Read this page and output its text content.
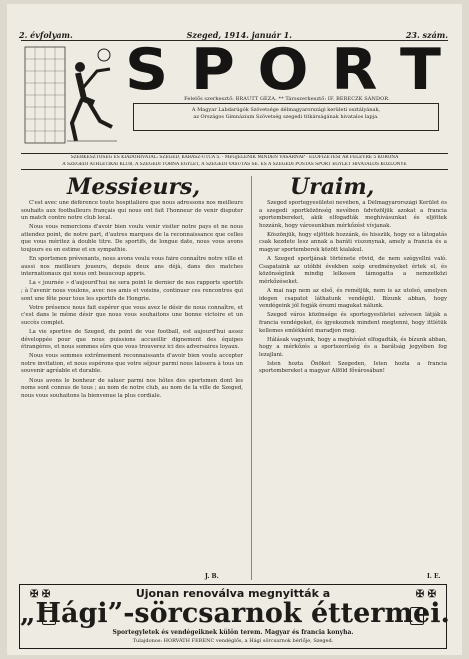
2. évfolyam.	Szeged, 1914. január 1.	23. szám.
S P O R T
Felelős szerkesztő: BRAUTT GÉZA. ** Társszerkesztő: IF. BERECZK SÁNDOR.
A Magyar Labdarúgók Szövetsége délmagyarországi kerületi osztályának,
az Országos Gimnázium Szövetség szegedi titkárságának hivatalos lapja.
SZERKESZTŐSÉG ÉS KIADÓHIVATAL: SZEGED, KÁRÁSZ-UTCA 5. · MEGJELENIK MINDEN VASÁRNAP · ELŐFIZETÉSI ÁR FÉLÉVRE 5 KORONA
A SZEGEDI ATHLETIKAI KLUB, A SZEGEDI TORNA EGYLET, A SZEGEDI VASUTAS SE. ÉS A SZEGEDI POSTAS SPORT EGYLET HIVATALOS KÖZLÖNYE
Messieurs,	Uraim,

C'est avec une déférence toute hospitalière que nous adressons nos meilleurs souhaits aux footballeurs français qui nous ont fait l'honneur de venir disputer un match contre notre club local.

Nous vous remercions d'avoir bien voulu venir visiter notre pays et ne nous attendez point, de notre part, d'autres marques de la reconnaissance que celles que vous méritez à double titre. De sportifs, de longue date, nous vous avons toujours eu en estime et en sympathie.

En sportsmen prévenants, nous avons voulu vous faire connaître notre ville et aussi nos meilleurs joueurs, depuis deux ans déjà, dans des matches internationaux qui nous ont beaucoup appris.

La « journée » d'aujourd'hui ne sera point le dernier de nos rapports sportifs ; à l'avenir nous voulons, avec nos amis et voisins, continuer ces rencontres qui sont une fête pour tous les sportifs de Hongrie.

Votre présence nous fait espérer que vous avez le désir de nous connaître, et c'est dans le même désir que nous vous souhaitons une bonne victoire et un succès complet.

La vie sportive de Szeged, du point de vue football, est aujourd'hui assez développée pour que nous puissions accueillir dignement des équipes étrangères, et nous sommes sûrs que vous trouverez ici des adversaires loyaux.

Nous vous sommes extrêmement reconnaissants d'avoir bien voulu accepter notre invitation, et nous espérons que votre séjour parmi nous laissera à tous un souvenir agréable et durable.

Nous avons le bonheur de saluer parmi nos hôtes des sportsmen dont les noms sont connus de tous ; au nom de notre club, au nom de la ville de Szeged, nous vous souhaitons la bienvenue la plus cordiale.

J. B.

Szeged sportegyesületei nevében, a Délmagyarországi Kerület és a szegedi sportközönség nevében üdvözöljük azokat a francia sportembereket, akik elfogadták meghívásunkat és eljöttek hozzánk, hogy városunkban mérkőzést vívjanak.

Köszönjük, hogy eljöttek hozzánk, és hisszük, hogy ez a látogatás csak kezdete lesz annak a baráti viszonynak, amely a francia és a magyar sportemberek között kialakul.

A Szeged sportjának története rövid, de nem szégyellni való. Csapataink az utóbbi években szép eredményeket értek el, és közönségünk mindig lelkesen támogatta a nemzetközi mérkőzéseket.

A mai nap nem az első, és reméljük, nem is az utolsó, amelyen idegen csapatot láthatunk vendégül. Bízunk abban, hogy vendégeink jól fogják érezni magukat nálunk.

Szeged város közönsége és sportegyesületei szívesen látják a francia vendégeket, és igyekeznek mindent megtenni, hogy ittlétük kellemes emlékként maradjon meg.

Hálásak vagyunk, hogy a meghívást elfogadták, és bízunk abban, hogy a mérkőzés a sportszerűség és a barátság jegyében fog lezajlani.

Isten hozta Önöket Szegeden, Isten hozta a francia sportembereket a magyar Alföld fővárosában!

I. E.
✠ ✠	✠ ✠
Ujonan renoválva megnyitták a
„Hági”-sörcsarnok éttermei.
Sportegyletek és vendégeiknek külön terem. Magyar és francia konyha.
Tulajdonos: HORVÁTH FERENC vendéglős, a Hági sörcsarnok bérlője, Szeged.
